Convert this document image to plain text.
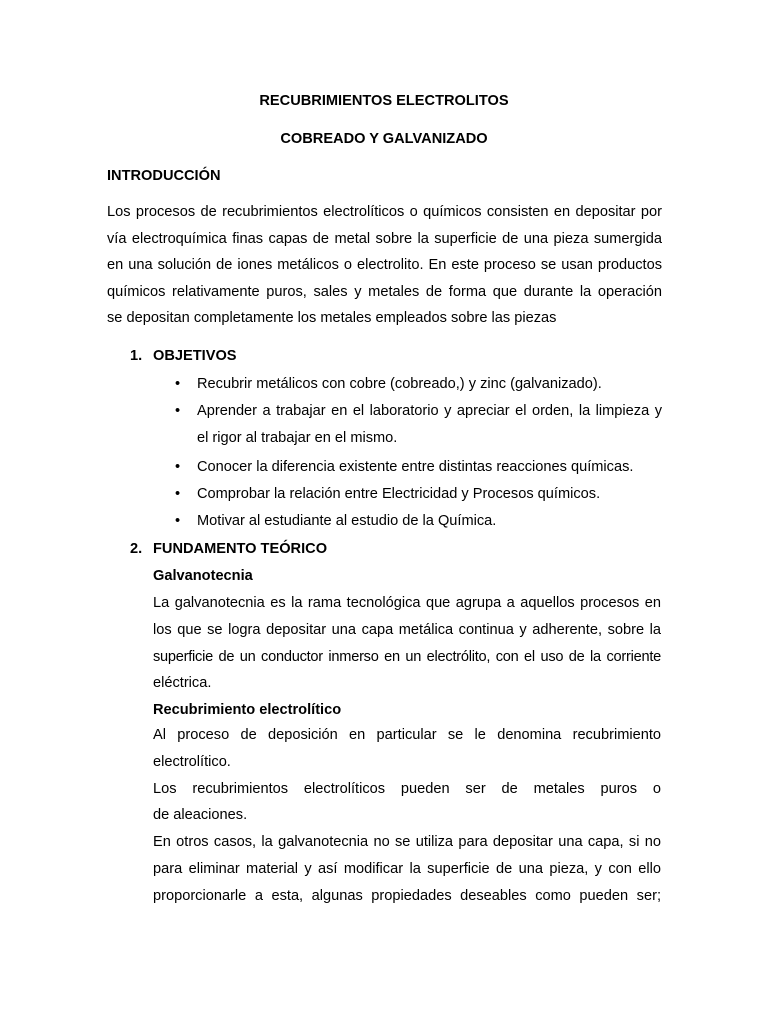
RECUBRIMIENTOS ELECTROLITOS
COBREADO Y GALVANIZADO
INTRODUCCIÓN
Los procesos de recubrimientos electrolíticos o químicos consisten en depositar por
vía electroquímica finas capas de metal sobre la superficie de una pieza sumergida
en una solución de iones metálicos o electrolito. En este proceso se usan productos
químicos relativamente puros, sales y metales de forma que durante la operación
se depositan completamente los metales empleados sobre las piezas
1. OBJETIVOS
• Recubrir metálicos con cobre (cobreado,) y zinc (galvanizado).
• Aprender a trabajar en el laboratorio y apreciar el orden, la limpieza y
el rigor al trabajar en el mismo.
• Conocer la diferencia existente entre distintas reacciones químicas.
• Comprobar la relación entre Electricidad y Procesos químicos.
• Motivar al estudiante al estudio de la Química.
2. FUNDAMENTO TEÓRICO
Galvanotecnia
La galvanotecnia es la rama tecnológica que agrupa a aquellos procesos en
los que se logra depositar una capa metálica continua y adherente, sobre la
superficie de un conductor inmerso en un electrólito, con el uso de la corriente
eléctrica.
Recubrimiento electrolítico
Al proceso de deposición en particular se le denomina recubrimiento
electrolítico.
Los recubrimientos electrolíticos pueden ser de metales puros o
de aleaciones.
En otros casos, la galvanotecnia no se utiliza para depositar una capa, si no
para eliminar material y así modificar la superficie de una pieza, y con ello
proporcionarle a esta, algunas propiedades deseables como pueden ser;
